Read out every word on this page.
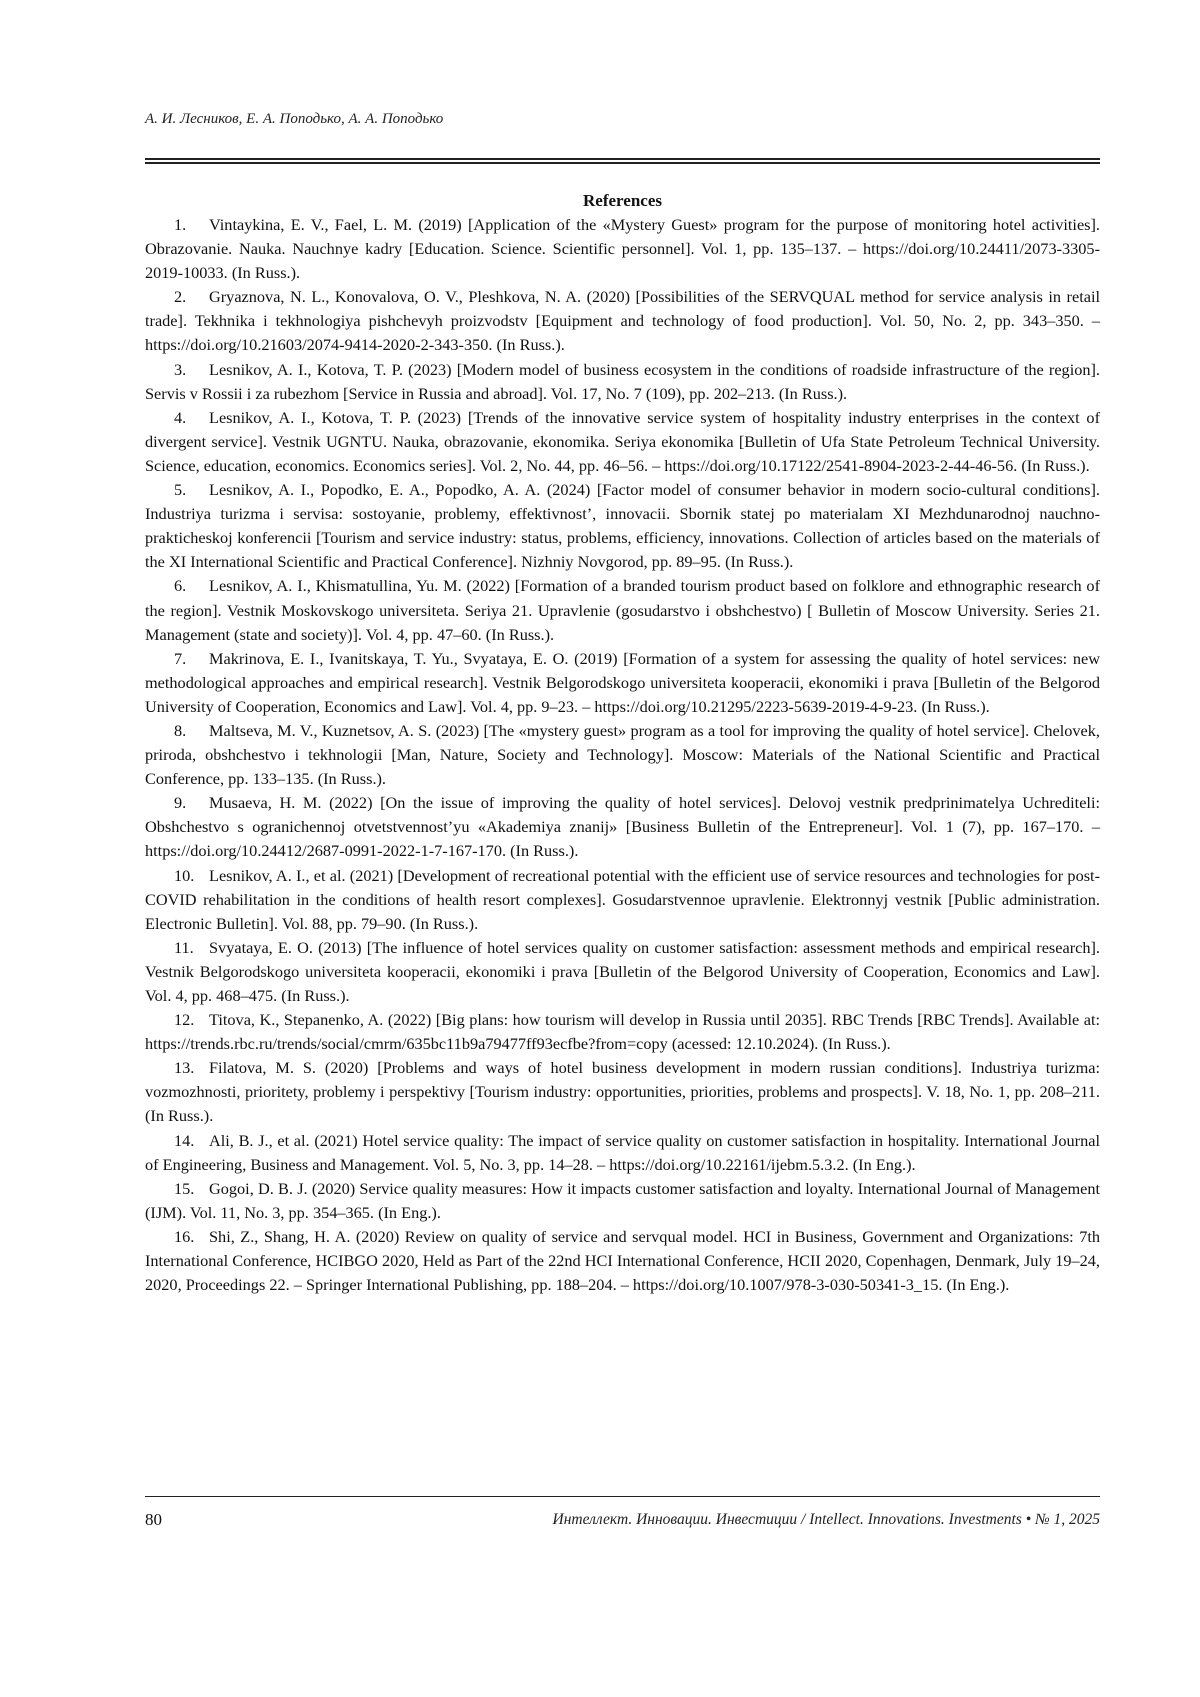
А. И. Лесников, Е. А. Поподько, А. А. Поподько
References
1. Vintaykina, E. V., Fael, L. M. (2019) [Application of the «Mystery Guest» program for the purpose of monitoring hotel activities]. Obrazovanie. Nauka. Nauchnye kadry [Education. Science. Scientific personnel]. Vol. 1, pp. 135–137. – https://doi.org/10.24411/2073-3305-2019-10033. (In Russ.).
2. Gryaznova, N. L., Konovalova, O. V., Pleshkova, N. A. (2020) [Possibilities of the SERVQUAL method for service analysis in retail trade]. Tekhnika i tekhnologiya pishchevyh proizvodstv [Equipment and technology of food production]. Vol. 50, No. 2, pp. 343–350. – https://doi.org/10.21603/2074-9414-2020-2-343-350. (In Russ.).
3. Lesnikov, A. I., Kotova, T. P. (2023) [Modern model of business ecosystem in the conditions of roadside infrastructure of the region]. Servis v Rossii i za rubezhom [Service in Russia and abroad]. Vol. 17, No. 7 (109), pp. 202–213. (In Russ.).
4. Lesnikov, A. I., Kotova, T. P. (2023) [Trends of the innovative service system of hospitality industry enterprises in the context of divergent service]. Vestnik UGNTU. Nauka, obrazovanie, ekonomika. Seriya ekonomika [Bulletin of Ufa State Petroleum Technical University. Science, education, economics. Economics series]. Vol. 2, No. 44, pp. 46–56. – https://doi.org/10.17122/2541-8904-2023-2-44-46-56. (In Russ.).
5. Lesnikov, A. I., Popodko, E. A., Popodko, A. A. (2024) [Factor model of consumer behavior in modern socio-cultural conditions]. Industriya turizma i servisa: sostoyanie, problemy, effektivnost’, innovacii. Sbornik statej po materialam XI Mezhdunarodnoj nauchno-prakticheskoj konferencii [Tourism and service industry: status, problems, efficiency, innovations. Collection of articles based on the materials of the XI International Scientific and Practical Conference]. Nizhniy Novgorod, pp. 89–95. (In Russ.).
6. Lesnikov, A. I., Khismatullina, Yu. M. (2022) [Formation of a branded tourism product based on folklore and ethnographic research of the region]. Vestnik Moskovskogo universiteta. Seriya 21. Upravlenie (gosudarstvo i obshchestvo) [ Bulletin of Moscow University. Series 21. Management (state and society)]. Vol. 4, pp. 47–60. (In Russ.).
7. Makrinova, E. I., Ivanitskaya, T. Yu., Svyataya, E. O. (2019) [Formation of a system for assessing the quality of hotel services: new methodological approaches and empirical research]. Vestnik Belgorodskogo universiteta kooperacii, ekonomiki i prava [Bulletin of the Belgorod University of Cooperation, Economics and Law]. Vol. 4, pp. 9–23. – https://doi.org/10.21295/2223-5639-2019-4-9-23. (In Russ.).
8. Maltseva, M. V., Kuznetsov, A. S. (2023) [The «mystery guest» program as a tool for improving the quality of hotel service]. Chelovek, priroda, obshchestvo i tekhnologii [Man, Nature, Society and Technology]. Moscow: Materials of the National Scientific and Practical Conference, pp. 133–135. (In Russ.).
9. Musaeva, H. M. (2022) [On the issue of improving the quality of hotel services]. Delovoj vestnik predprinimatelya Uchrediteli: Obshchestvo s ogranichennoj otvetstvennost’yu «Akademiya znanij» [Business Bulletin of the Entrepreneur]. Vol. 1 (7), pp. 167–170. – https://doi.org/10.24412/2687-0991-2022-1-7-167-170. (In Russ.).
10. Lesnikov, A. I., et al. (2021) [Development of recreational potential with the efficient use of service resources and technologies for post-COVID rehabilitation in the conditions of health resort complexes]. Gosudarstvennoe upravlenie. Elektronnyj vestnik [Public administration. Electronic Bulletin]. Vol. 88, pp. 79–90. (In Russ.).
11. Svyataya, E. O. (2013) [The influence of hotel services quality on customer satisfaction: assessment methods and empirical research]. Vestnik Belgorodskogo universiteta kooperacii, ekonomiki i prava [Bulletin of the Belgorod University of Cooperation, Economics and Law]. Vol. 4, pp. 468–475. (In Russ.).
12. Titova, K., Stepanenko, A. (2022) [Big plans: how tourism will develop in Russia until 2035]. RBC Trends [RBC Trends]. Available at: https://trends.rbc.ru/trends/social/cmrm/635bc11b9a79477ff93ecfbe?from=copy (acessed: 12.10.2024). (In Russ.).
13. Filatova, M. S. (2020) [Problems and ways of hotel business development in modern russian conditions]. Industriya turizma: vozmozhnosti, prioritety, problemy i perspektivy [Tourism industry: opportunities, priorities, problems and prospects]. V. 18, No. 1, pp. 208–211. (In Russ.).
14. Ali, B. J., et al. (2021) Hotel service quality: The impact of service quality on customer satisfaction in hospitality. International Journal of Engineering, Business and Management. Vol. 5, No. 3, pp. 14–28. – https://doi.org/10.22161/ijebm.5.3.2. (In Eng.).
15. Gogoi, D. B. J. (2020) Service quality measures: How it impacts customer satisfaction and loyalty. International Journal of Management (IJM). Vol. 11, No. 3, pp. 354–365. (In Eng.).
16. Shi, Z., Shang, H. A. (2020) Review on quality of service and servqual model. HCI in Business, Government and Organizations: 7th International Conference, HCIBGO 2020, Held as Part of the 22nd HCI International Conference, HCII 2020, Copenhagen, Denmark, July 19–24, 2020, Proceedings 22. – Springer International Publishing, pp. 188–204. – https://doi.org/10.1007/978-3-030-50341-3_15. (In Eng.).
80	Интеллект. Инновации. Инвестиции / Intellect. Innovations. Investments • № 1, 2025
